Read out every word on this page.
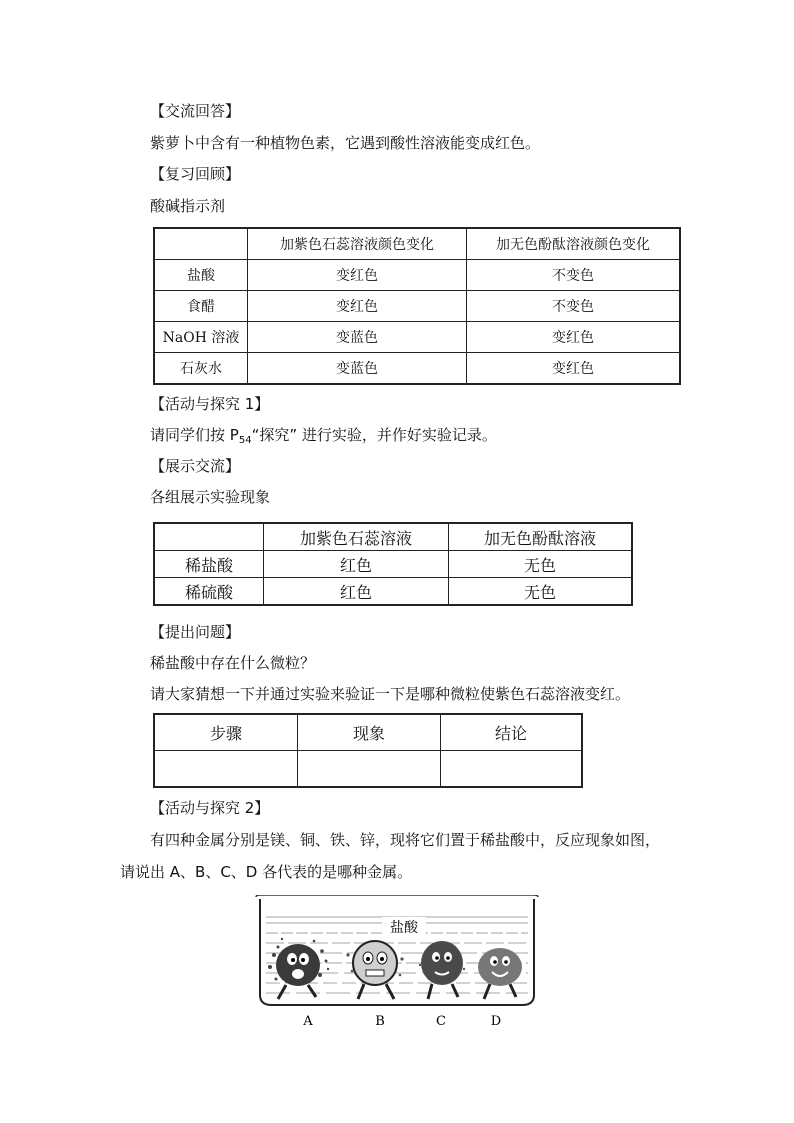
【交流回答】
紫萝卜中含有一种植物色素，它遇到酸性溶液能变成红色。
【复习回顾】
酸碱指示剂
	加紫色石蕊溶液颜色变化	加无色酚酞溶液颜色变化
盐酸	变红色	不变色
食醋	变红色	不变色
NaOH 溶液	变蓝色	变红色
石灰水	变蓝色	变红色
【活动与探究 1】
请同学们按 $P_{54}“$探究” 进行实验，并作好实验记录。
【展示交流】
各组展示实验现象
	加紫色石蕊溶液	加无色酚酞溶液
稀盐酸	红色	无色
稀硫酸	红色	无色
【提出问题】
稀盐酸中存在什么微粒？
请大家猜想一下并通过实验来验证一下是哪种微粒使紫色石蕊溶液变红。
步骤	现象	结论

【活动与探究 2】
有四种金属分别是镁、铜、铁、锌，现将它们置于稀盐酸中，反应现象如图，
请说出 A、B、C、D 各代表的是哪种金属。
盐酸
A	B	C	D
